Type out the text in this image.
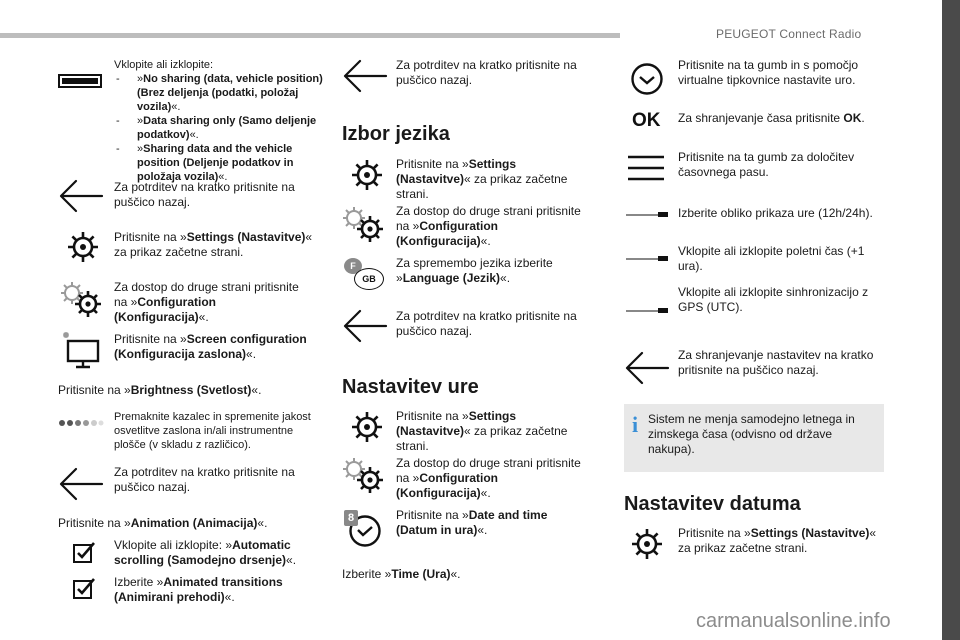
PEUGEOT Connect Radio
.
17
Vklopite ali izklopite:
- »No sharing (data, vehicle position) (Brez deljenja (podatki, položaj vozila)«.
- »Data sharing only (Samo deljenje podatkov)«.
- »Sharing data and the vehicle position (Deljenje podatkov in položaja vozila)«.
Za potrditev na kratko pritisnite na puščico nazaj.
Pritisnite na »Settings (Nastavitve)« za prikaz začetne strani.
Za dostop do druge strani pritisnite na »Configuration (Konfiguracija)«.
Pritisnite na »Screen configuration (Konfiguracija zaslona)«.
Pritisnite na »Brightness (Svetlost)«.
Premaknite kazalec in spremenite jakost osvetlitve zaslona in/ali instrumentne plošče (v skladu z različico).
Za potrditev na kratko pritisnite na puščico nazaj.
Pritisnite na »Animation (Animacija)«.
Vklopite ali izklopite: »Automatic scrolling (Samodejno drsenje)«.
Izberite »Animated transitions (Animirani prehodi)«.
Za potrditev na kratko pritisnite na puščico nazaj.
Izbor jezika
Pritisnite na »Settings (Nastavitve)« za prikaz začetne strani.
Za dostop do druge strani pritisnite na »Configuration (Konfiguracija)«.
F
GB
Za spremembo jezika izberite »Language (Jezik)«.
Za potrditev na kratko pritisnite na puščico nazaj.
Nastavitev ure
Pritisnite na »Settings (Nastavitve)« za prikaz začetne strani.
Za dostop do druge strani pritisnite na »Configuration (Konfiguracija)«.
8	Pritisnite na »Date and time (Datum in ura)«.
Izberite »Time (Ura)«.
Pritisnite na ta gumb in s pomočjo virtualne tipkovnice nastavite uro.
OK Za shranjevanje časa pritisnite OK.
Pritisnite na ta gumb za določitev časovnega pasu.
Izberite obliko prikaza ure (12h/24h).
Vklopite ali izklopite poletni čas (+1 ura).
Vklopite ali izklopite sinhronizacijo z GPS (UTC).
Za shranjevanje nastavitev na kratko pritisnite na puščico nazaj.
i Sistem ne menja samodejno letnega in zimskega časa (odvisno od države nakupa).
Nastavitev datuma
Pritisnite na »Settings (Nastavitve)« za prikaz začetne strani.
carmanualsonline.info
